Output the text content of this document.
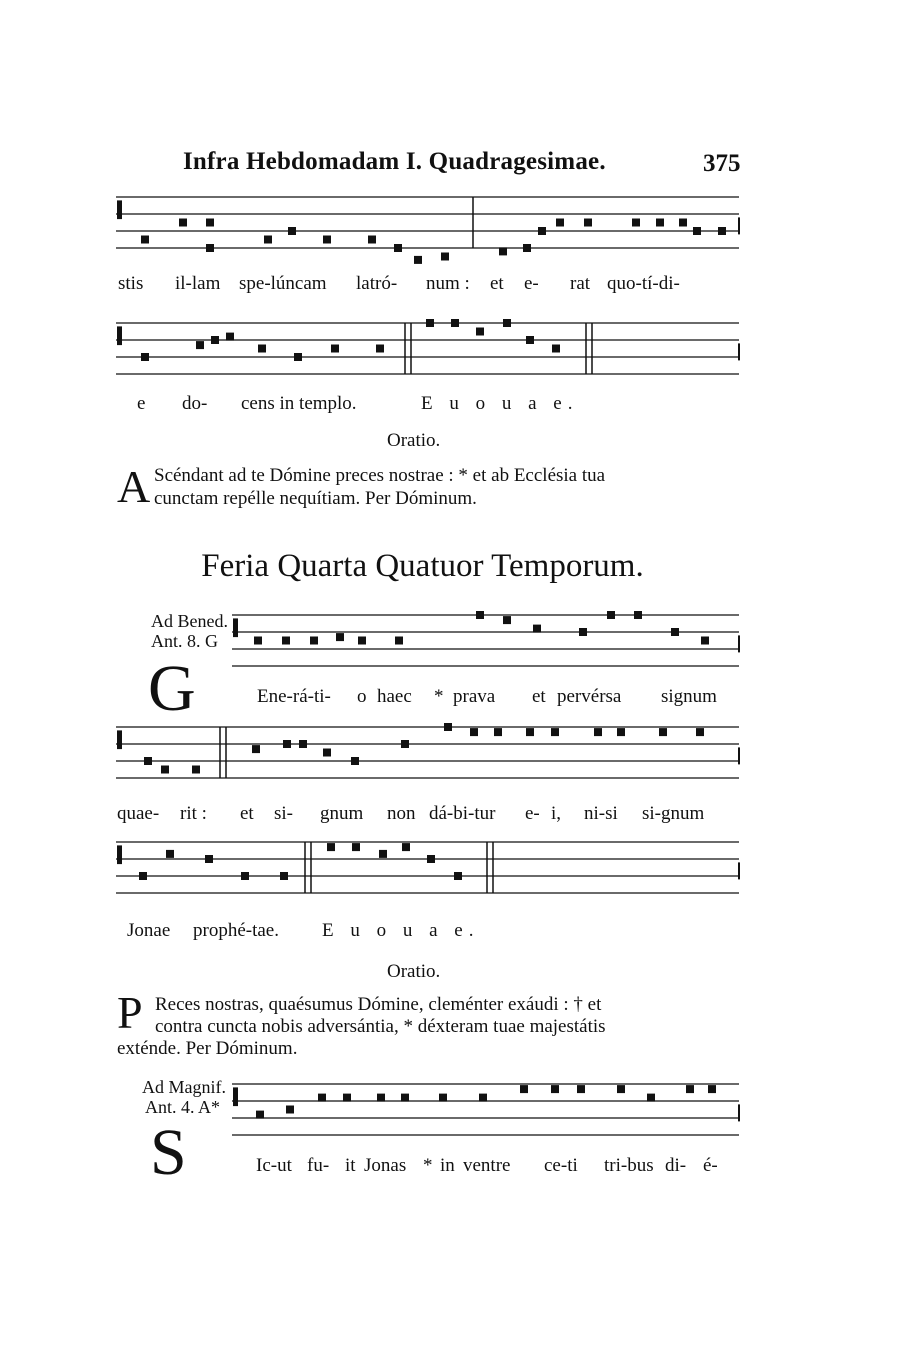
Infra Hebdomadam I. Quadragesimae.	375
stis il-lam spe-lúncam latró- num : et e- rat quo-tí-di-
e do- cens in templo.	E u o u a e.
Oratio.
A Scéndant ad te Dómine preces nostrae : * et ab Ecclésia tua
cunctam repélle nequítiam. Per Dóminum.
Feria Quarta Quatuor Temporum.
Ad Bened.
Ant. 8. G
G	Ene-rá-ti- o haec * prava et pervérsa signum
quae- rit : et si- gnum non dá-bi-tur e- i, ni-si si-gnum
Jonae prophé-tae. E u o u a e.
Oratio.
P Reces nostras, quaésumus Dómine, cleménter exáudi : † et
contra cuncta nobis adversántia, * déxteram tuae majestátis
exténde. Per Dóminum.
Ad Magnif.
Ant. 4. A*
S	Ic-ut fu- it Jonas * in ventre ce-ti tri-bus di- é-
